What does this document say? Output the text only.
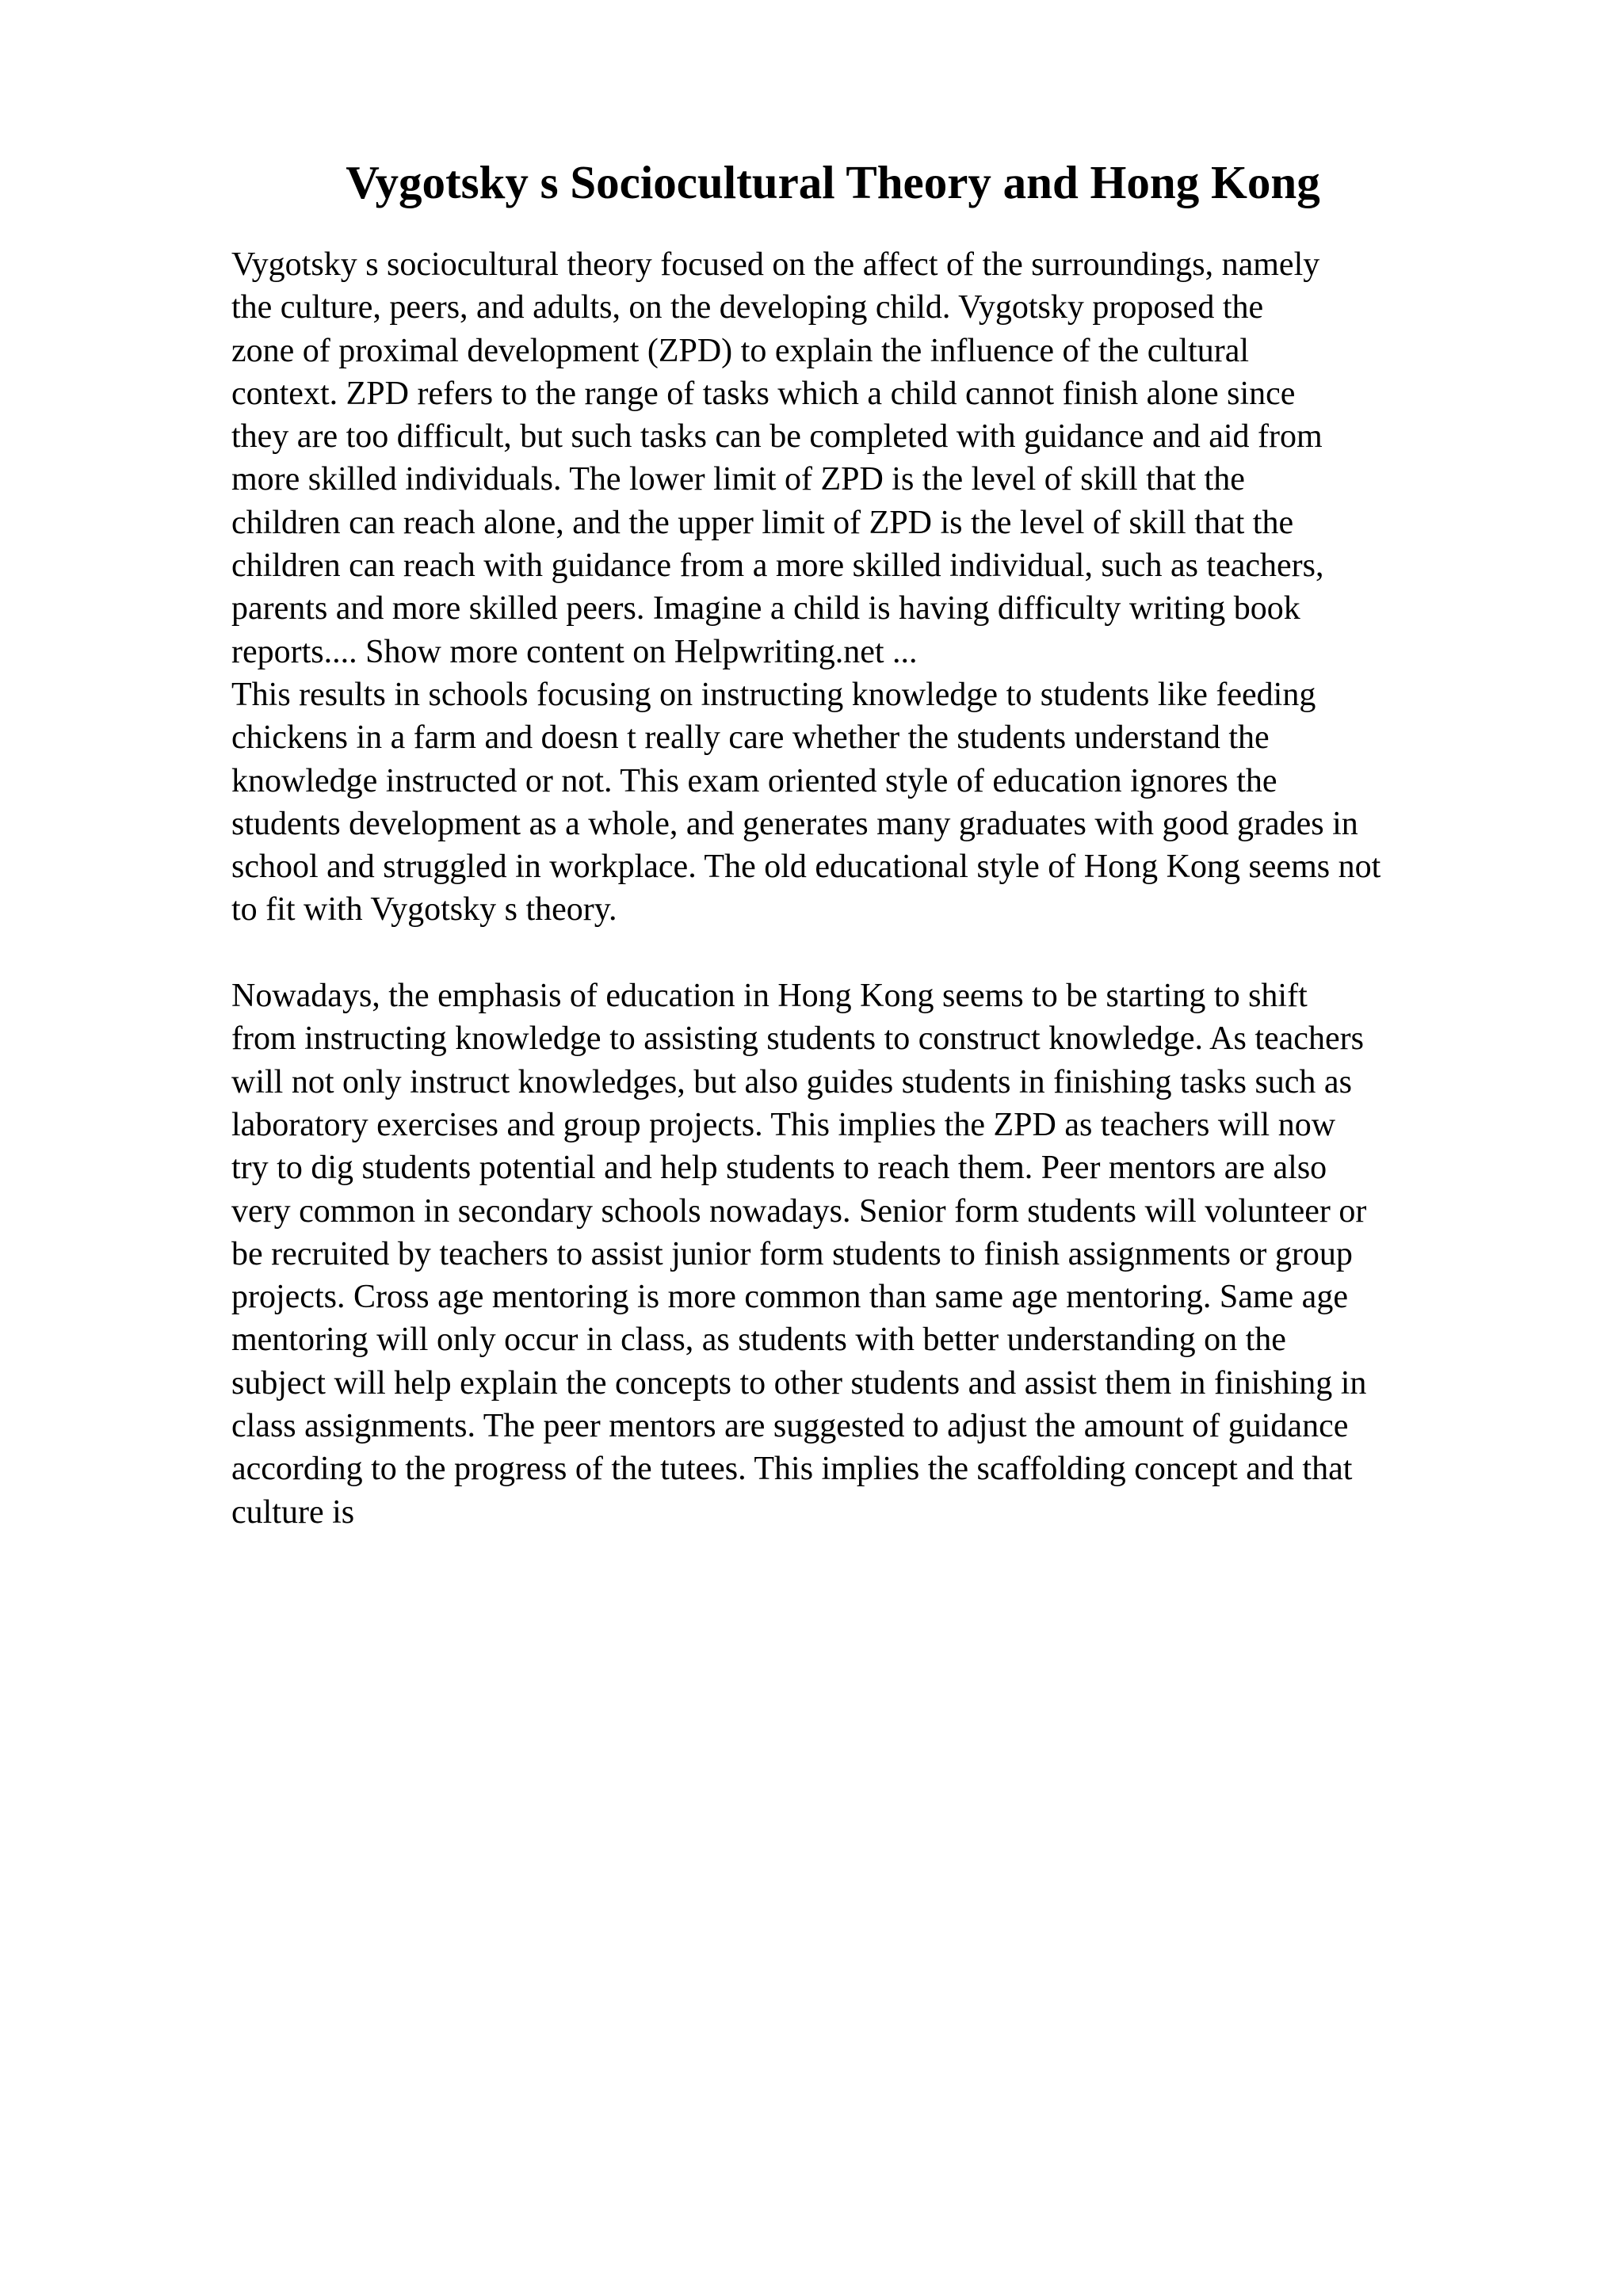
Vygotsky s Sociocultural Theory and Hong Kong
Vygotsky s sociocultural theory focused on the affect of the surroundings, namely
the culture, peers, and adults, on the developing child. Vygotsky proposed the
zone of proximal development (ZPD) to explain the influence of the cultural
context. ZPD refers to the range of tasks which a child cannot finish alone since
they are too difficult, but such tasks can be completed with guidance and aid from
more skilled individuals. The lower limit of ZPD is the level of skill that the
children can reach alone, and the upper limit of ZPD is the level of skill that the
children can reach with guidance from a more skilled individual, such as teachers,
parents and more skilled peers. Imagine a child is having difficulty writing book
reports.... Show more content on Helpwriting.net ...
This results in schools focusing on instructing knowledge to students like feeding
chickens in a farm and doesn t really care whether the students understand the
knowledge instructed or not. This exam oriented style of education ignores the
students development as a whole, and generates many graduates with good grades in
school and struggled in workplace. The old educational style of Hong Kong seems not
to fit with Vygotsky s theory.
Nowadays, the emphasis of education in Hong Kong seems to be starting to shift
from instructing knowledge to assisting students to construct knowledge. As teachers
will not only instruct knowledges, but also guides students in finishing tasks such as
laboratory exercises and group projects. This implies the ZPD as teachers will now
try to dig students potential and help students to reach them. Peer mentors are also
very common in secondary schools nowadays. Senior form students will volunteer or
be recruited by teachers to assist junior form students to finish assignments or group
projects. Cross age mentoring is more common than same age mentoring. Same age
mentoring will only occur in class, as students with better understanding on the
subject will help explain the concepts to other students and assist them in finishing in
class assignments. The peer mentors are suggested to adjust the amount of guidance
according to the progress of the tutees. This implies the scaffolding concept and that
culture is
